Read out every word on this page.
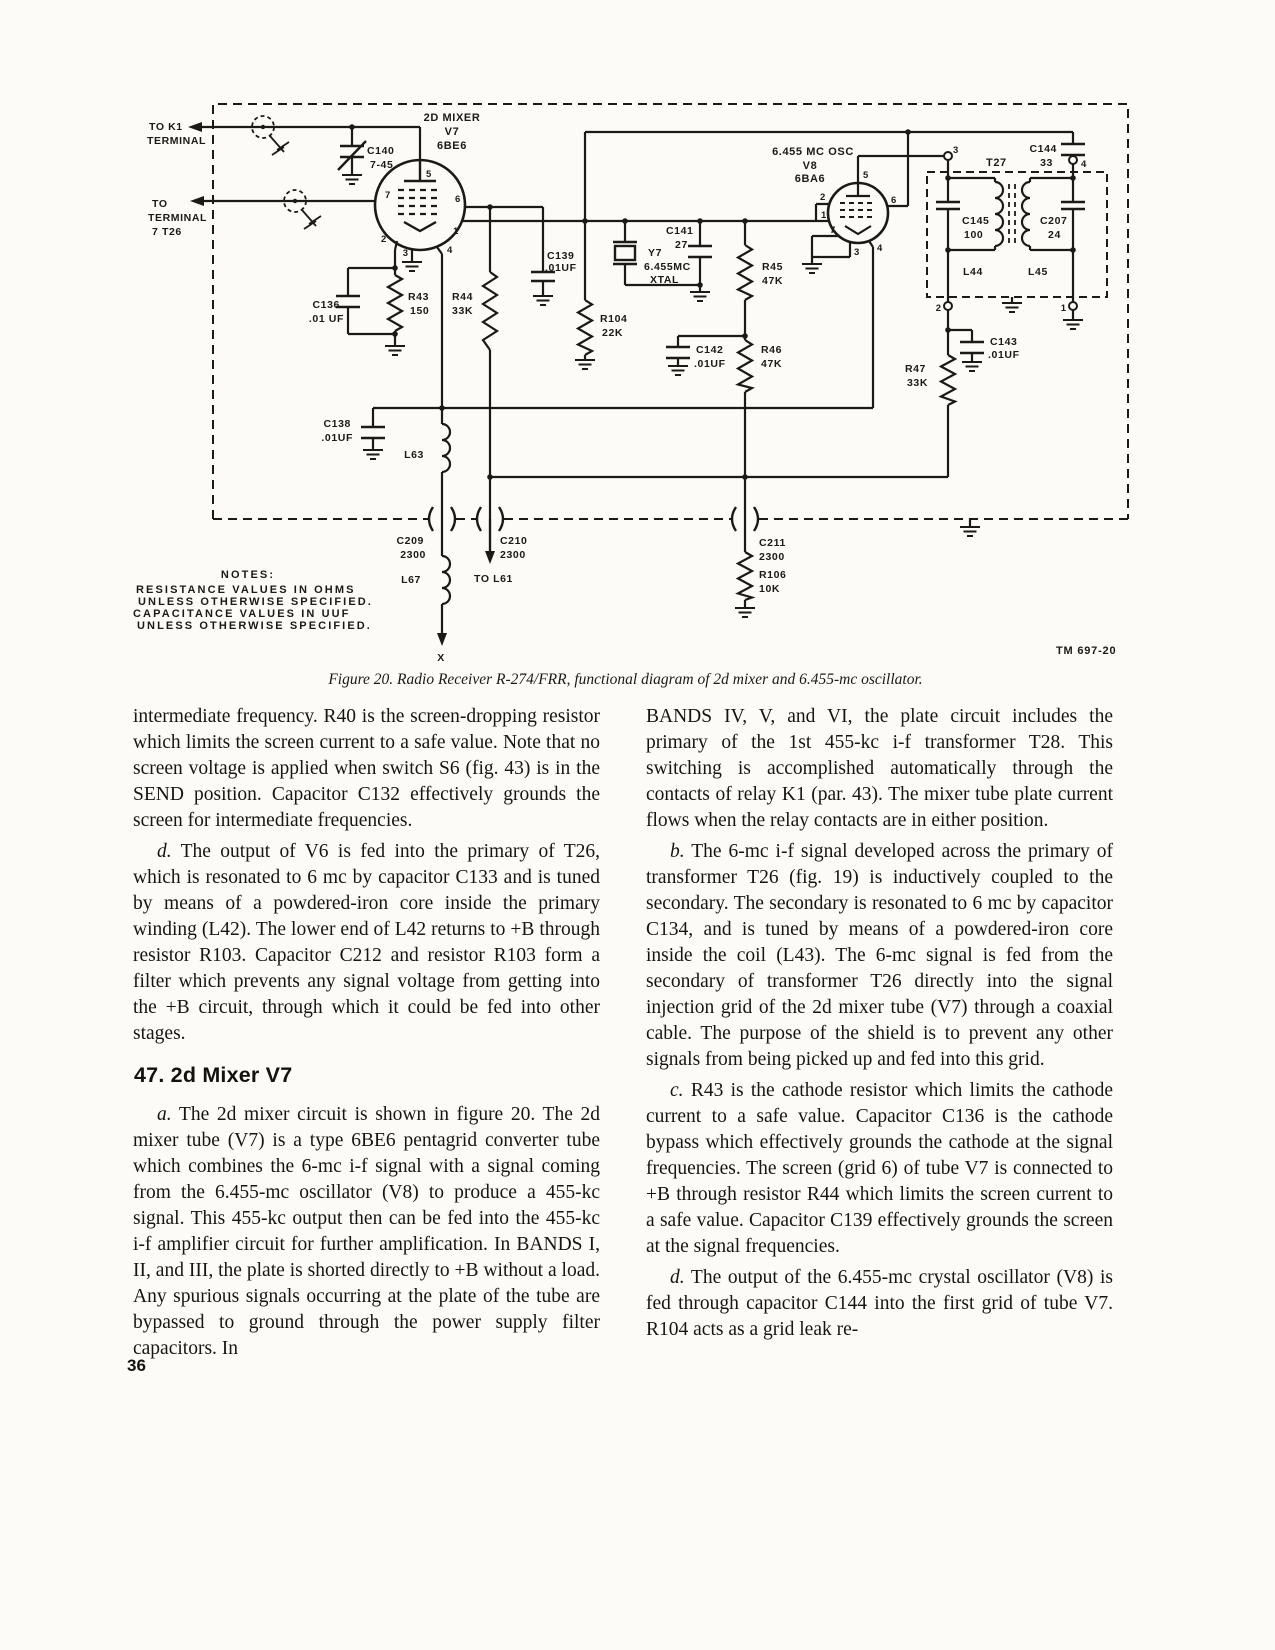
TO K1
TERMINAL
TO
TERMINAL
7 T26
2D MIXER
V7
6BE6
5
7	6
1
2
3	4
C140
7-45
C139
.01UF
C136
.01 UF
R43
150
R44
33K
R104
22K
C141
27
Y7
6.455MC
XTAL
R45
47K
C142
.01UF
R46
47K
6.455 MC OSC
V8
6BA6	5
2
1
7
3 4
6
T27
3
4
2	1
C144
33
C145
100
C207
24
L44	L45
C143
.01UF
R47
33K
C138
.01UF
L63
L67
C209
2300
C210
2300
TO L61
C211
2300
R106
10K
X
NOTES:
RESISTANCE VALUES IN OHMS
UNLESS OTHERWISE SPECIFIED.
CAPACITANCE VALUES IN UUF
UNLESS OTHERWISE SPECIFIED.
TM 697-20
Figure 20. Radio Receiver R-274/FRR, functional diagram of 2d mixer and 6.455-mc oscillator.

intermediate frequency. R40 is the screen-dropping resistor which limits the screen current to a safe value. Note that no screen voltage is applied when switch S6 (fig. 43) is in the SEND position. Capacitor C132 effectively grounds the screen for intermediate frequencies.

d. The output of V6 is fed into the primary of T26, which is resonated to 6 mc by capacitor C133 and is tuned by means of a powdered-iron core inside the primary winding (L42). The lower end of L42 returns to +B through resistor R103. Capacitor C212 and resistor R103 form a filter which prevents any signal voltage from getting into the +B circuit, through which it could be fed into other stages.

47. 2d Mixer V7

a. The 2d mixer circuit is shown in figure 20. The 2d mixer tube (V7) is a type 6BE6 pentagrid converter tube which combines the 6-mc i-f signal with a signal coming from the 6.455-mc oscillator (V8) to produce a 455-kc signal. This 455-kc output then can be fed into the 455-kc i-f amplifier circuit for further amplification. In BANDS I, II, and III, the plate is shorted directly to +B without a load. Any spurious signals occurring at the plate of the tube are bypassed to ground through the power supply filter capacitors. In

BANDS IV, V, and VI, the plate circuit includes the primary of the 1st 455-kc i-f transformer T28. This switching is accomplished automatically through the contacts of relay K1 (par. 43). The mixer tube plate current flows when the relay contacts are in either position.

b. The 6-mc i-f signal developed across the primary of transformer T26 (fig. 19) is inductively coupled to the secondary. The secondary is resonated to 6 mc by capacitor C134, and is tuned by means of a powdered-iron core inside the coil (L43). The 6-mc signal is fed from the secondary of transformer T26 directly into the signal injection grid of the 2d mixer tube (V7) through a coaxial cable. The purpose of the shield is to prevent any other signals from being picked up and fed into this grid.

c. R43 is the cathode resistor which limits the cathode current to a safe value. Capacitor C136 is the cathode bypass which effectively grounds the cathode at the signal frequencies. The screen (grid 6) of tube V7 is connected to +B through resistor R44 which limits the screen current to a safe value. Capacitor C139 effectively grounds the screen at the signal frequencies.

d. The output of the 6.455-mc crystal oscillator (V8) is fed through capacitor C144 into the first grid of tube V7. R104 acts as a grid leak re-

36
